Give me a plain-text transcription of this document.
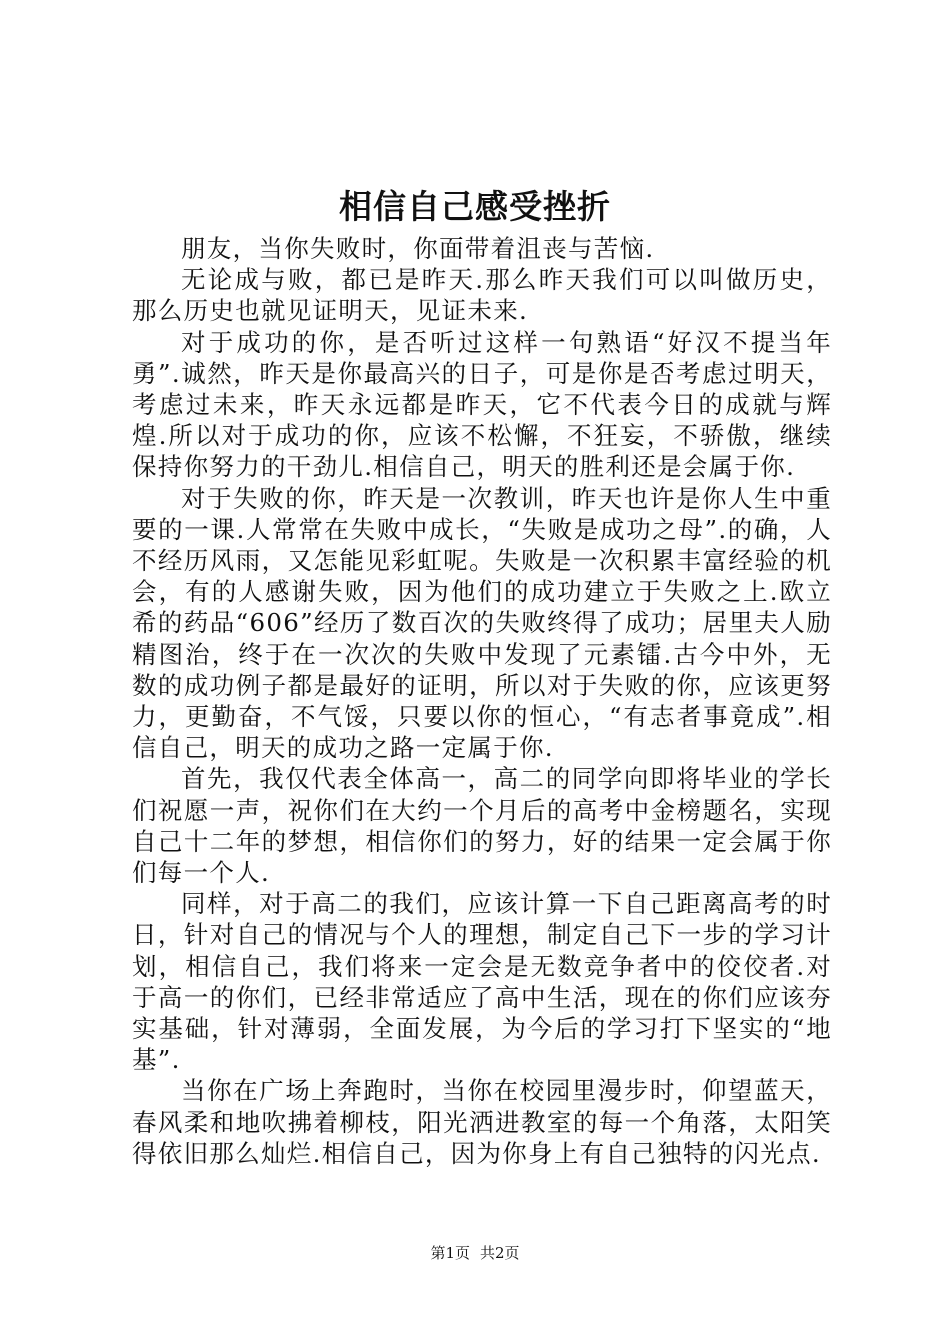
相信自己感受挫折

朋友，当你失败时，你面带着沮丧与苦恼.

无论成与败，都已是昨天.那么昨天我们可以叫做历史，那么历史也就见证明天，见证未来.

对于成功的你，是否听过这样一句熟语“好汉不提当年勇”.诚然，昨天是你最高兴的日子，可是你是否考虑过明天，考虑过未来，昨天永远都是昨天，它不代表今日的成就与辉煌.所以对于成功的你，应该不松懈，不狂妄，不骄傲，继续保持你努力的干劲儿.相信自己，明天的胜利还是会属于你.

对于失败的你，昨天是一次教训，昨天也许是你人生中重要的一课.人常常在失败中成长，“失败是成功之母”.的确，人不经历风雨，又怎能见彩虹呢。失败是一次积累丰富经验的机会，有的人感谢失败，因为他们的成功建立于失败之上.欧立希的药品“606”经历了数百次的失败终得了成功；居里夫人励精图治，终于在一次次的失败中发现了元素镭.古今中外，无数的成功例子都是最好的证明，所以对于失败的你，应该更努力，更勤奋，不气馁，只要以你的恒心，“有志者事竟成”.相信自己，明天的成功之路一定属于你.

首先，我仅代表全体高一，高二的同学向即将毕业的学长们祝愿一声，祝你们在大约一个月后的高考中金榜题名，实现自己十二年的梦想，相信你们的努力，好的结果一定会属于你们每一个人.

同样，对于高二的我们，应该计算一下自己距离高考的时日，针对自己的情况与个人的理想，制定自己下一步的学习计划，相信自己，我们将来一定会是无数竞争者中的佼佼者.对于高一的你们，已经非常适应了高中生活，现在的你们应该夯实基础，针对薄弱，全面发展，为今后的学习打下坚实的“地基”.

当你在广场上奔跑时，当你在校园里漫步时，仰望蓝天，春风柔和地吹拂着柳枝，阳光洒进教室的每一个角落，太阳笑得依旧那么灿烂.相信自己，因为你身上有自己独特的闪光点.

第1页 共2页
